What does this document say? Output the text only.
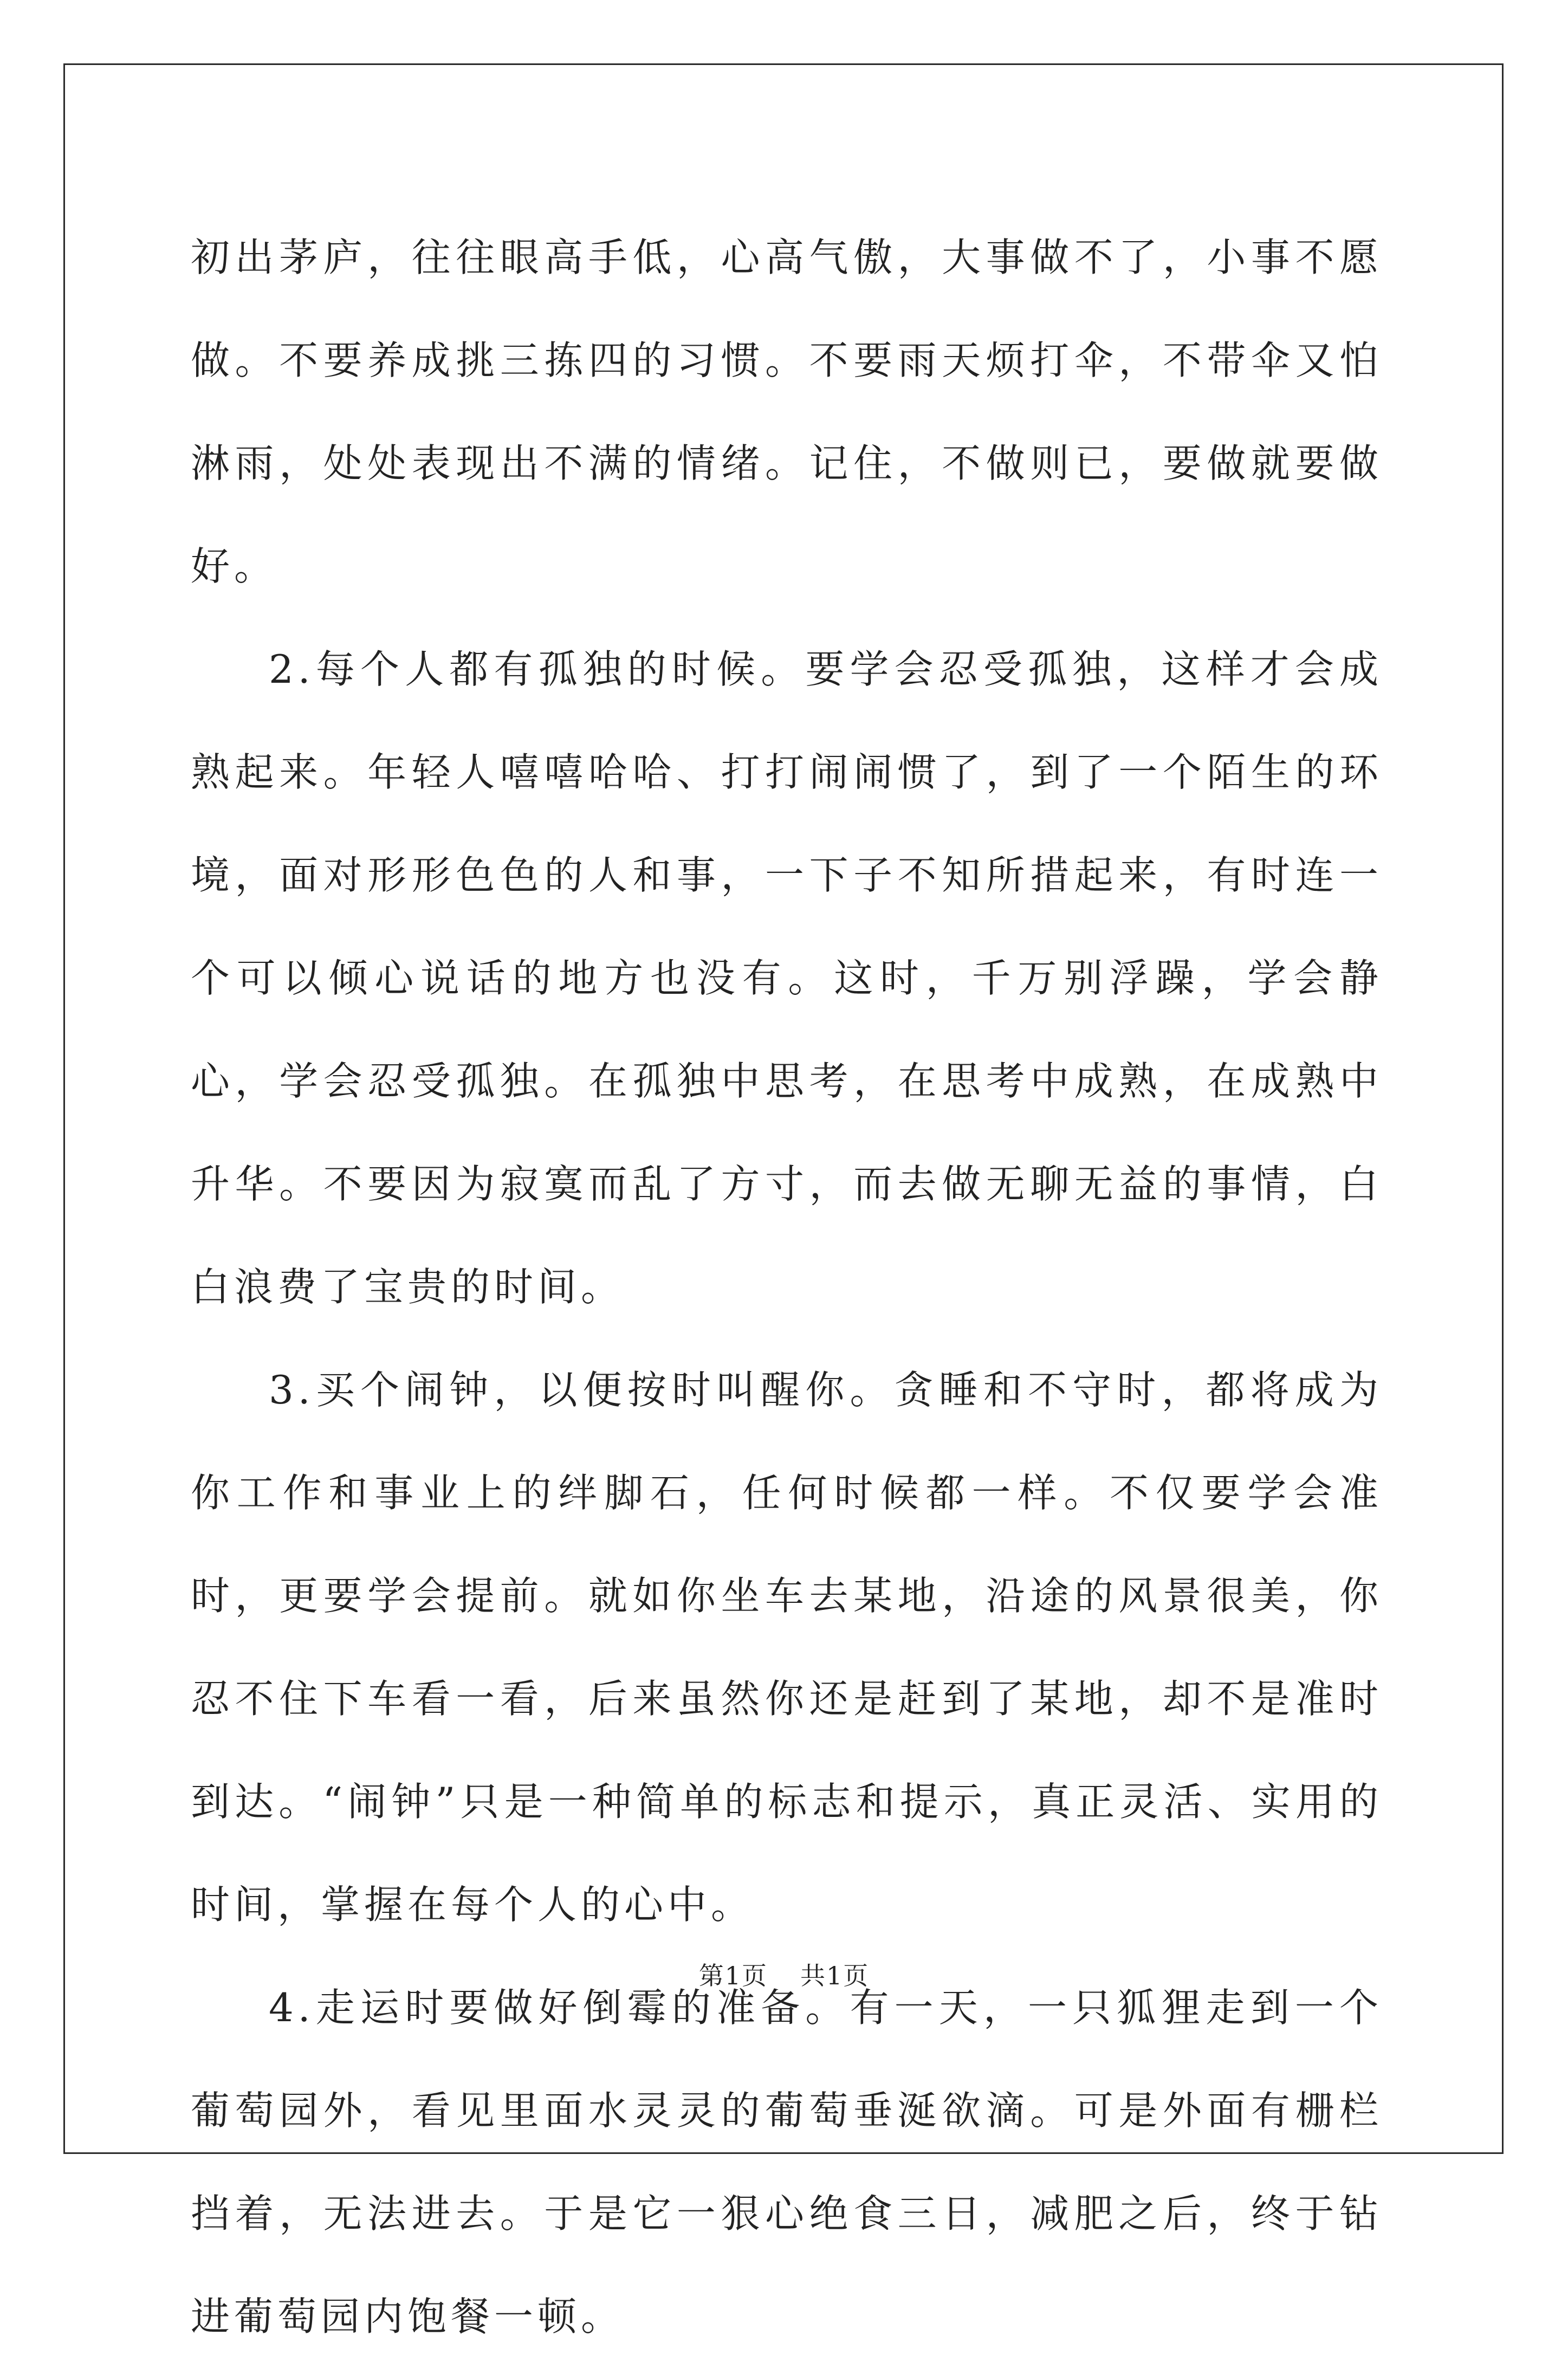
初出茅庐，往往眼高手低，心高气傲，大事做不了，小事不愿做。不要养成挑三拣四的习惯。不要雨天烦打伞，不带伞又怕淋雨，处处表现出不满的情绪。记住，不做则已，要做就要做好。

2.每个人都有孤独的时候。要学会忍受孤独，这样才会成熟起来。年轻人嘻嘻哈哈、打打闹闹惯了，到了一个陌生的环境，面对形形色色的人和事，一下子不知所措起来，有时连一个可以倾心说话的地方也没有。这时，千万别浮躁，学会静心，学会忍受孤独。在孤独中思考，在思考中成熟，在成熟中升华。不要因为寂寞而乱了方寸，而去做无聊无益的事情，白白浪费了宝贵的时间。

3.买个闹钟，以便按时叫醒你。贪睡和不守时，都将成为你工作和事业上的绊脚石，任何时候都一样。不仅要学会准时，更要学会提前。就如你坐车去某地，沿途的风景很美，你忍不住下车看一看，后来虽然你还是赶到了某地，却不是准时到达。“闹钟”只是一种简单的标志和提示，真正灵活、实用的时间，掌握在每个人的心中。

4.走运时要做好倒霉的准备。有一天，一只狐狸走到一个葡萄园外，看见里面水灵灵的葡萄垂涎欲滴。可是外面有栅栏挡着，无法进去。于是它一狠心绝食三日，减肥之后，终于钻进葡萄园内饱餐一顿。

第1页 共1页
